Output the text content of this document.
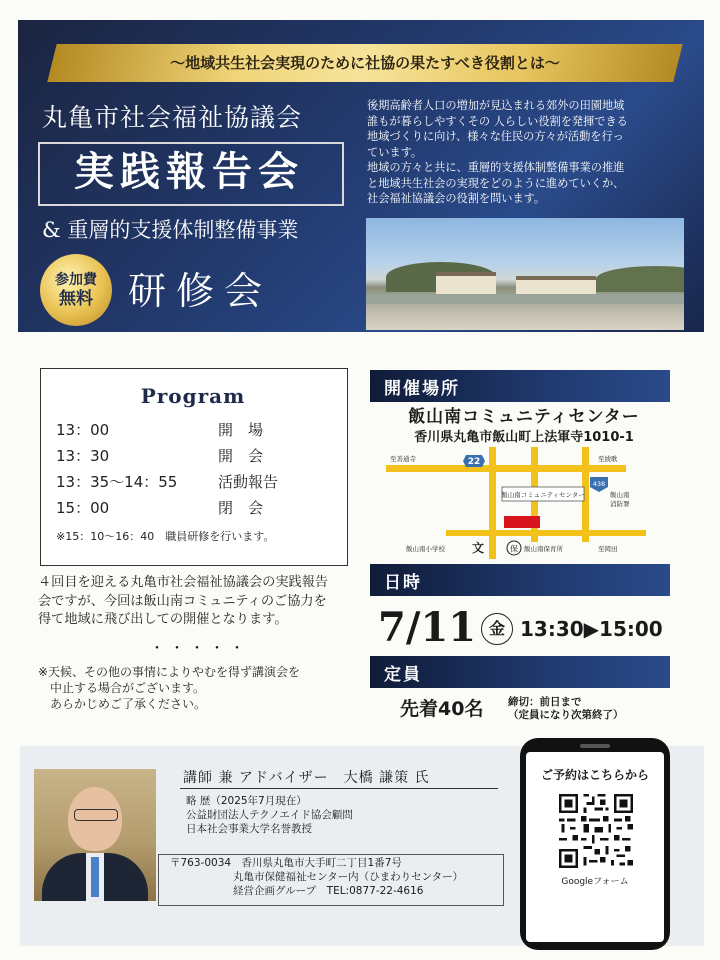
〜地域共生社会実現のために社協の果たすべき役割とは〜
丸亀市社会福祉協議会
実践報告会
& 重層的支援体制整備事業
参加費
無料 研修会
後期高齢者人口の増加が見込まれる郊外の田園地域
誰もが暮らしやすくその 人らしい役割を発揮できる
地域づくりに向け、様々な住民の方々が活動を行っ
ています。
地域の方々と共に、重層的支援体制整備事業の推進
と地域共生社会の実現をどのように進めていくか、
社会福祉協議会の役割を問います。
Program
13：00	開　場
13：30	開　会
13：35〜14：55	活動報告
15：00	閉　会
※15：10〜16：40　職員研修を行います。
４回目を迎える丸亀市社会福祉協議会の実践報告会ですが、今回は飯山南コミュニティのご協力を得て地域に飛び出しての開催となります。
・・・・・
※天候、その他の事情によりやむを得ず講演会を
　中止する場合がございます。
　あらかじめご了承ください。
開催場所
飯山南コミュニティセンター
香川県丸亀市飯山町上法軍寺1010-1
飯山南コミュニティセンター
22
438
至善通寺	至綾歌
飯山南
消防署
飯山南小学校 文	保 飯山南保育所	至岡田
日時
7/11 金 13:30▶15:00
定員
先着40名 締切：前日まで
（定員になり次第終了）
講師 兼 アドバイザー　大橋 謙策 氏
略 歴（2025年7月現在）
公益財団法人テクノエイド協会顧問
日本社会事業大学名誉教授
〒763-0034　香川県丸亀市大手町二丁目1番7号
　　　　　　丸亀市保健福祉センター内（ひまわりセンター）
　　　　　　経営企画グループ　TEL:0877-22-4616
ご予約はこちらから
Googleフォーム
